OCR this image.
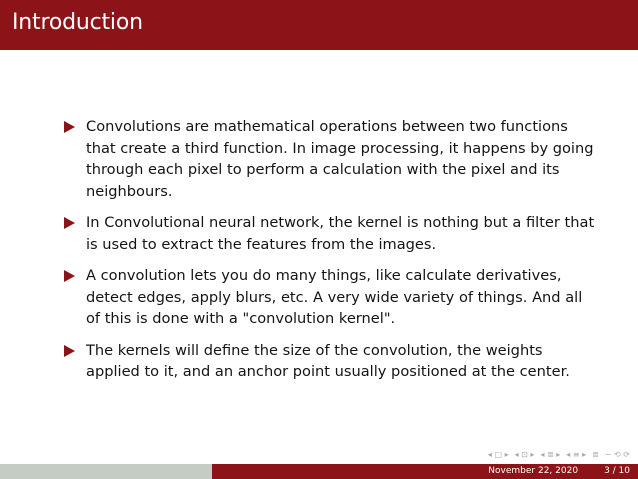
Introduction
Convolutions are mathematical operations between two functions that create a third function. In image processing, it happens by going through each pixel to perform a calculation with the pixel and its neighbours.
In Convolutional neural network, the kernel is nothing but a filter that is used to extract the features from the images.
A convolution lets you do many things, like calculate derivatives, detect edges, apply blurs, etc. A very wide variety of things. And all of this is done with a "convolution kernel".
The kernels will define the size of the convolution, the weights applied to it, and an anchor point usually positioned at the center.
◂ □ ▸ ◂ ⊡ ▸ ◂ ≣ ▸ ◂ ≡ ▸ ≣ ∽ ⟲ ⟳
November 22, 2020	3 / 10
